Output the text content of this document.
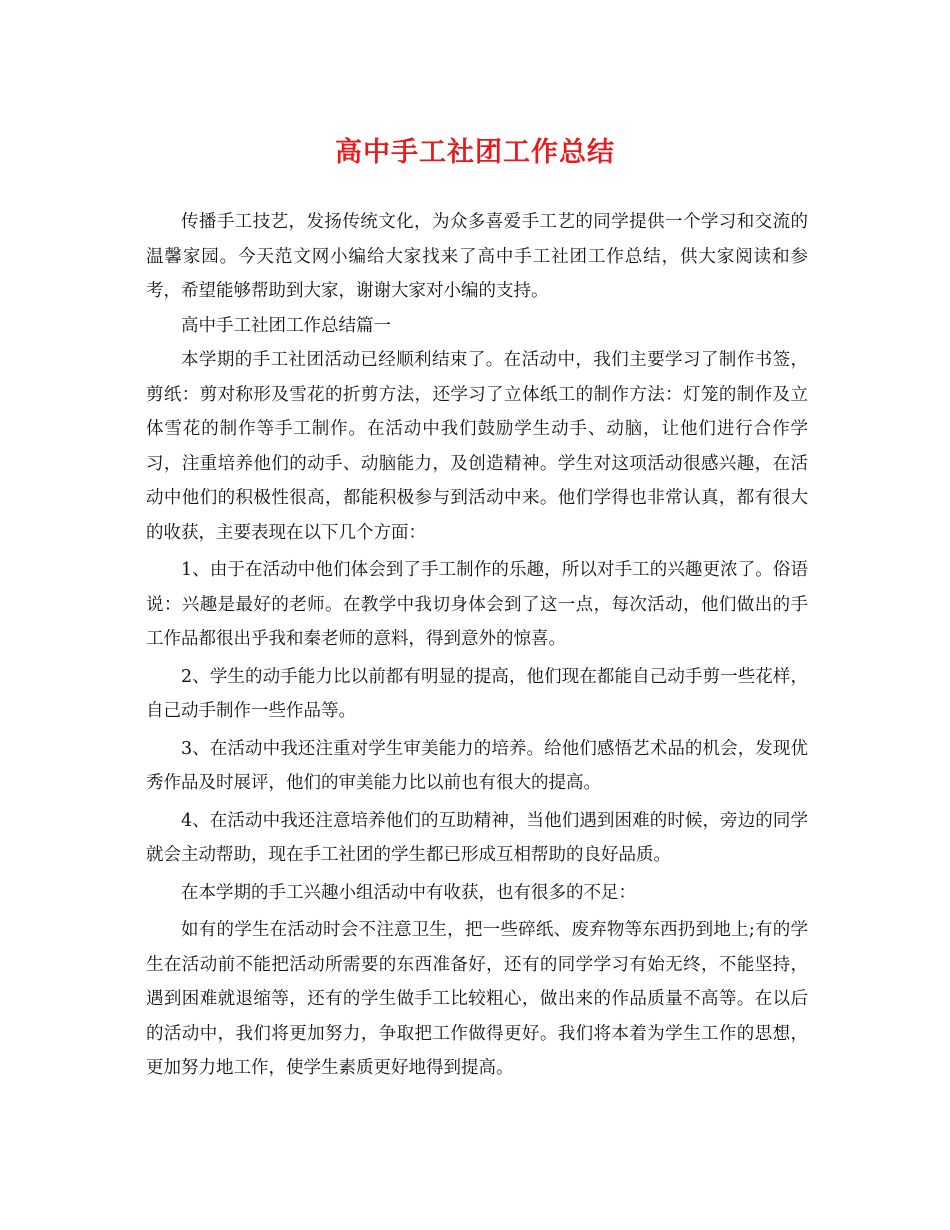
高中手工社团工作总结

传播手工技艺，发扬传统文化，为众多喜爱手工艺的同学提供一个学习和交流的温馨家园。今天范文网小编给大家找来了高中手工社团工作总结，供大家阅读和参考，希望能够帮助到大家，谢谢大家对小编的支持。

高中手工社团工作总结篇一

本学期的手工社团活动已经顺利结束了。在活动中，我们主要学习了制作书签，剪纸：剪对称形及雪花的折剪方法，还学习了立体纸工的制作方法：灯笼的制作及立体雪花的制作等手工制作。在活动中我们鼓励学生动手、动脑，让他们进行合作学习，注重培养他们的动手、动脑能力，及创造精神。学生对这项活动很感兴趣，在活动中他们的积极性很高，都能积极参与到活动中来。他们学得也非常认真，都有很大的收获，主要表现在以下几个方面：

1、由于在活动中他们体会到了手工制作的乐趣，所以对手工的兴趣更浓了。俗语说：兴趣是最好的老师。在教学中我切身体会到了这一点，每次活动，他们做出的手工作品都很出乎我和秦老师的意料，得到意外的惊喜。

2、学生的动手能力比以前都有明显的提高，他们现在都能自己动手剪一些花样，自己动手制作一些作品等。

3、在活动中我还注重对学生审美能力的培养。给他们感悟艺术品的机会，发现优秀作品及时展评，他们的审美能力比以前也有很大的提高。

4、在活动中我还注意培养他们的互助精神，当他们遇到困难的时候，旁边的同学就会主动帮助，现在手工社团的学生都已形成互相帮助的良好品质。

在本学期的手工兴趣小组活动中有收获，也有很多的不足：

如有的学生在活动时会不注意卫生，把一些碎纸、废弃物等东西扔到地上;有的学生在活动前不能把活动所需要的东西准备好，还有的同学学习有始无终，不能坚持，遇到困难就退缩等，还有的学生做手工比较粗心，做出来的作品质量不高等。在以后的活动中，我们将更加努力，争取把工作做得更好。我们将本着为学生工作的思想，更加努力地工作，使学生素质更好地得到提高。
